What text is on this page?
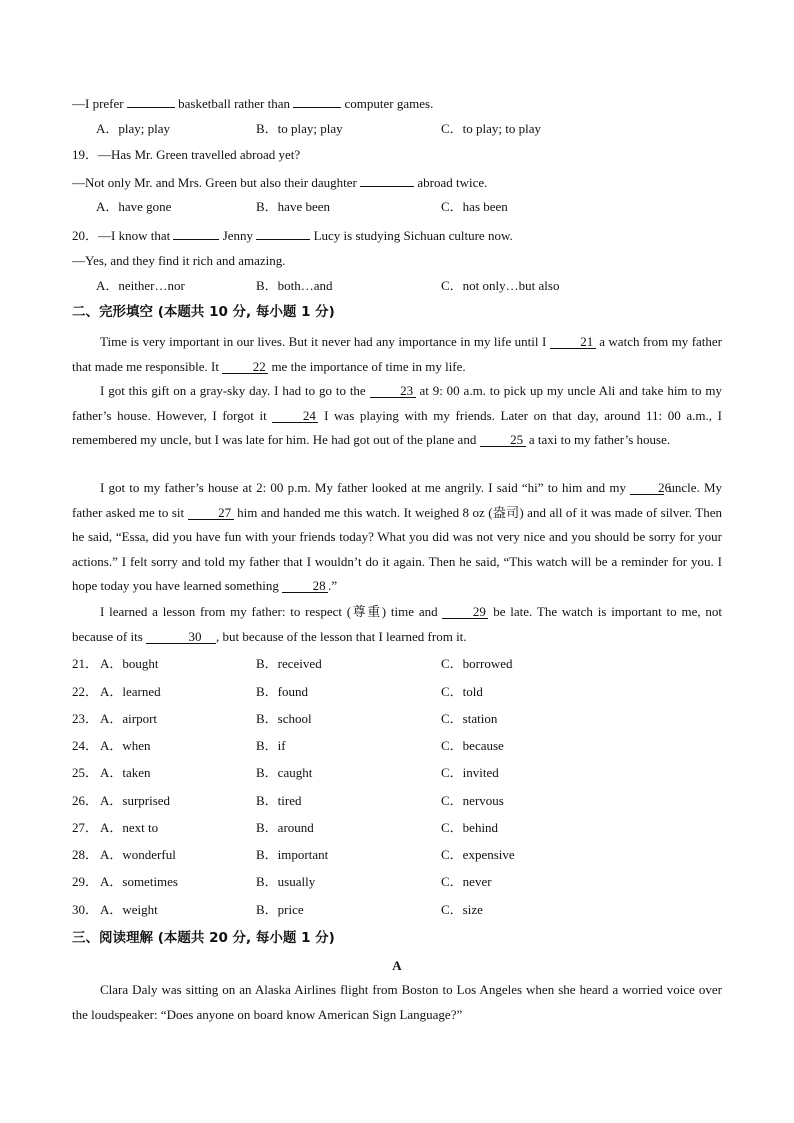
—I prefer	basketball rather than	computer games.
A．play; play	B．to play; play	C．to play; to play
19．—Has Mr. Green travelled abroad yet?
—Not only Mr. and Mrs. Green but also their daughter	abroad twice.
A．have gone	B．have been	C．has been
20．—I know that	Jenny	Lucy is studying Sichuan culture now.
—Yes, and they find it rich and amazing.
A．neither…nor	B．both…and	C．not only…but also
二、完形填空 (本题共 10 分, 每小题 1 分)
Time is very important in our lives. But it never had any importance in my life until I	21 a watch from my father that made me responsible. It	22 me the importance of time in my life.
I got this gift on a gray-sky day. I had to go to the	23 at 9: 00 a.m. to pick up my uncle Ali and take him to my father’s house. However, I forgot it	24 I was playing with my friends. Later on that day, around 11: 00 a.m., I remembered my uncle, but I was late for him. He had got out of the plane and	25 a taxi to my father’s house.
I got to my father’s house at 2: 00 p.m. My father looked at me angrily. I said “hi” to him and my 26 uncle. My father asked me to sit	27 him and handed me this watch. It weighed 8 oz (盎司) and all of it was made of silver. Then he said, “Essa, did you have fun with your friends today? What you did was not very nice and you should be sorry for your actions.” I felt sorry and told my father that I wouldn’t do it again. Then he said, “This watch will be a reminder for you. I hope today you have learned something	28 .”
I learned a lesson from my father: to respect (尊重) time and	29 be late. The watch is important to me, not because of its	30 , but because of the lesson that I learned from it.
21． A．bought	B．received	C．borrowed
22． A．learned	B．found	C．told
23． A．airport	B．school	C．station
24． A．when	B．if	C．because
25． A．taken	B．caught	C．invited
26． A．surprised	B．tired	C．nervous
27． A．next to	B．around	C．behind
28． A．wonderful	B．important	C．expensive
29． A．sometimes	B．usually	C．never
30． A．weight	B．price	C．size
三、阅读理解 (本题共 20 分, 每小题 1 分)
A
Clara Daly was sitting on an Alaska Airlines flight from Boston to Los Angeles when she heard a worried voice over the loudspeaker: “Does anyone on board know American Sign Language?”
